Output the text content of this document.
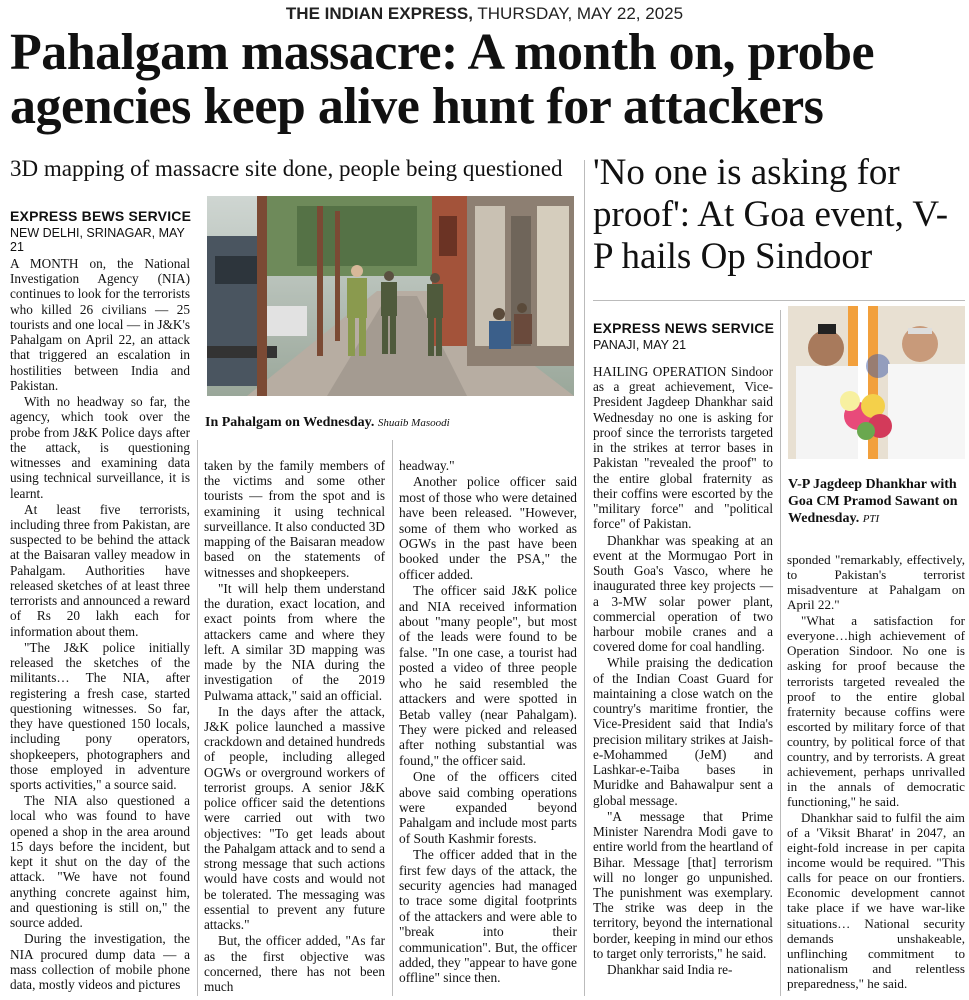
THE INDIAN EXPRESS, THURSDAY, MAY 22, 2025
Pahalgam massacre: A month on, probe agencies keep alive hunt for attackers
3D mapping of massacre site done, people being questioned
EXPRESS BEWS SERVICE
NEW DELHI, SRINAGAR, MAY 21
In Pahalgam on Wednesday. Shuaib Masoodi

A MONTH on, the National Investigation Agency (NIA) continues to look for the terrorists who killed 26 civilians — 25 tourists and one local — in J&K's Pahalgam on April 22, an attack that triggered an escalation in hostilities between India and Pakistan.

With no headway so far, the agency, which took over the probe from J&K Police days after the attack, is questioning witnesses and examining data using technical surveillance, it is learnt.

At least five terrorists, including three from Pakistan, are suspected to be behind the attack at the Baisaran valley meadow in Pahalgam. Authorities have released sketches of at least three terrorists and announced a reward of Rs 20 lakh each for information about them.

"The J&K police initially released the sketches of the militants… The NIA, after registering a fresh case, started questioning witnesses. So far, they have questioned 150 locals, including pony operators, shopkeepers, photographers and those employed in adventure sports activities," a source said.

The NIA also questioned a local who was found to have opened a shop in the area around 15 days before the incident, but kept it shut on the day of the attack. "We have not found anything concrete against him, and questioning is still on," the source added.

During the investigation, the NIA procured dump data — a mass collection of mobile phone data, mostly videos and pictures

taken by the family members of the victims and some other tourists — from the spot and is examining it using technical surveillance. It also conducted 3D mapping of the Baisaran meadow based on the statements of witnesses and shopkeepers.

"It will help them understand the duration, exact location, and exact points from where the attackers came and where they left. A similar 3D mapping was made by the NIA during the investigation of the 2019 Pulwama attack," said an official.

In the days after the attack, J&K police launched a massive crackdown and detained hundreds of people, including alleged OGWs or overground workers of terrorist groups. A senior J&K police officer said the detentions were carried out with two objectives: "To get leads about the Pahalgam attack and to send a strong message that such actions would have costs and would not be tolerated. The messaging was essential to prevent any future attacks."

But, the officer added, "As far as the first objective was concerned, there has not been much

headway."

Another police officer said most of those who were detained have been released. "However, some of them who worked as OGWs in the past have been booked under the PSA," the officer added.

The officer said J&K police and NIA received information about "many people", but most of the leads were found to be false. "In one case, a tourist had posted a video of three people who he said resembled the attackers and were spotted in Betab valley (near Pahalgam). They were picked and released after nothing substantial was found," the officer said.

One of the officers cited above said combing operations were expanded beyond Pahalgam and include most parts of South Kashmir forests.

The officer added that in the first few days of the attack, the security agencies had managed to trace some digital footprints of the attackers and were able to "break into their communication". But, the officer added, they "appear to have gone offline" since then.

'No one is asking for proof': At Goa event, V-P hails Op Sindoor
EXPRESS NEWS SERVICE
PANAJI, MAY 21
V-P Jagdeep Dhankhar with Goa CM Pramod Sawant on Wednesday. PTI

HAILING OPERATION Sindoor as a great achievement, Vice-President Jagdeep Dhankhar said Wednesday no one is asking for proof since the terrorists targeted in the strikes at terror bases in Pakistan "revealed the proof" to the entire global fraternity as their coffins were escorted by the "military force" and "political force" of Pakistan.

Dhankhar was speaking at an event at the Mormugao Port in South Goa's Vasco, where he inaugurated three key projects — a 3-MW solar power plant, commercial operation of two harbour mobile cranes and a covered dome for coal handling.

While praising the dedication of the Indian Coast Guard for maintaining a close watch on the country's maritime frontier, the Vice-President said that India's precision military strikes at Jaish-e-Mohammed (JeM) and Lashkar-e-Taiba bases in Muridke and Bahawalpur sent a global message.

"A message that Prime Minister Narendra Modi gave to entire world from the heartland of Bihar. Message [that] terrorism will no longer go unpunished. The punishment was exemplary. The strike was deep in the territory, beyond the international border, keeping in mind our ethos to target only terrorists," he said.

Dhankhar said India re-

sponded "remarkably, effectively, to Pakistan's terrorist misadventure at Pahalgam on April 22."

"What a satisfaction for everyone…high achievement of Operation Sindoor. No one is asking for proof because the terrorists targeted revealed the proof to the entire global fraternity because coffins were escorted by military force of that country, by political force of that country, and by terrorists. A great achievement, perhaps unrivalled in the annals of democratic functioning," he said.

Dhankhar said to fulfil the aim of a 'Viksit Bharat' in 2047, an eight-fold increase in per capita income would be required. "This calls for peace on our frontiers. Economic development cannot take place if we have war-like situations… National security demands unshakeable, unflinching commitment to nationalism and relentless preparedness," he said.
